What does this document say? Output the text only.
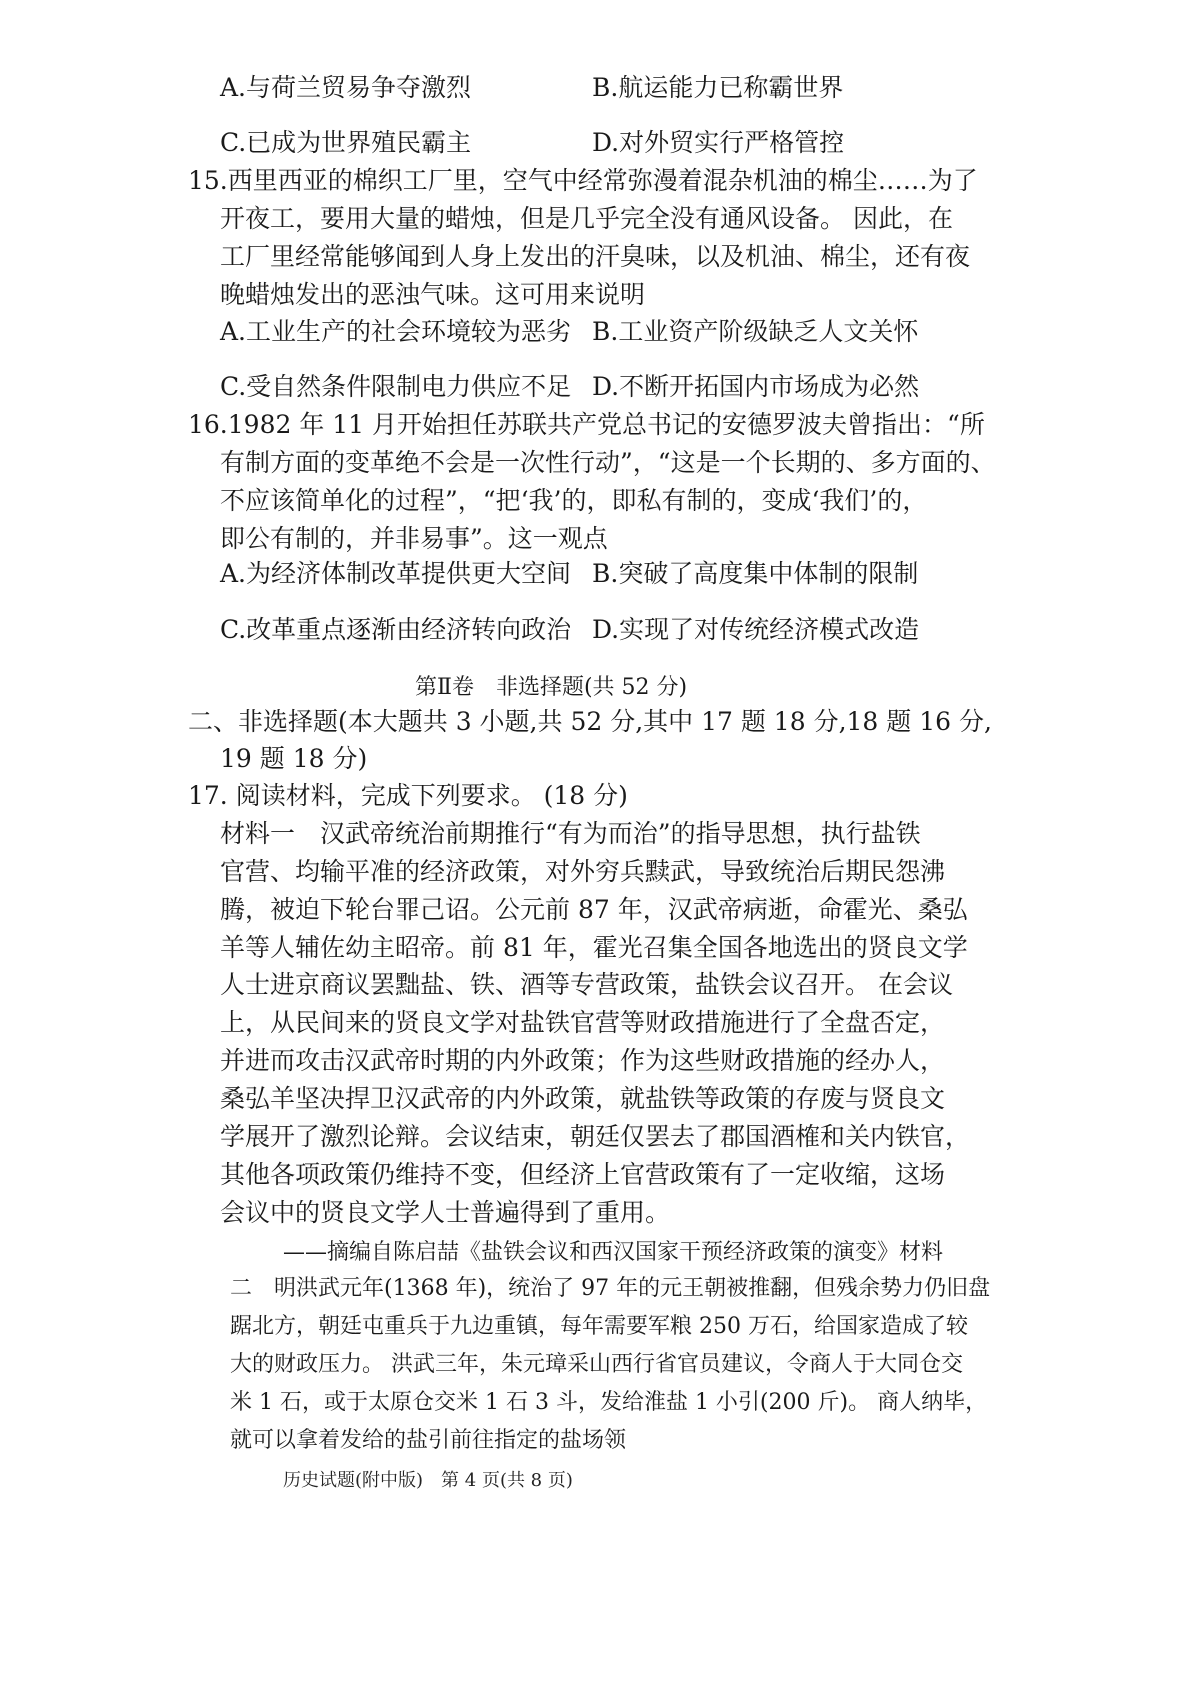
A.与荷兰贸易争夺激烈	B.航运能力已称霸世界
C.已成为世界殖民霸主	D.对外贸实行严格管控
15.西里西亚的棉织工厂里，空气中经常弥漫着混杂机油的棉尘……为了
开夜工，要用大量的蜡烛，但是几乎完全没有通风设备。 因此，在
工厂里经常能够闻到人身上发出的汗臭味，以及机油、棉尘，还有夜
晚蜡烛发出的恶浊气味。这可用来说明
A.工业生产的社会环境较为恶劣 B.工业资产阶级缺乏人文关怀
C.受自然条件限制电力供应不足 D.不断开拓国内市场成为必然
16.1982 年 11 月开始担任苏联共产党总书记的安德罗波夫曾指出：“所
有制方面的变革绝不会是一次性行动”，“这是一个长期的、多方面的、
不应该简单化的过程”，“把‘我’的，即私有制的，变成‘我们’的，
即公有制的，并非易事”。这一观点
A.为经济体制改革提供更大空间 B.突破了高度集中体制的限制
C.改革重点逐渐由经济转向政治 D.实现了对传统经济模式改造
第Ⅱ卷　非选择题(共 52 分)
二、非选择题(本大题共 3 小题,共 52 分,其中 17 题 18 分,18 题 16 分,
19 题 18 分)
17. 阅读材料，完成下列要求。 (18 分)
材料一　汉武帝统治前期推行“有为而治”的指导思想，执行盐铁
官营、均输平准的经济政策，对外穷兵黩武，导致统治后期民怨沸
腾，被迫下轮台罪己诏。公元前 87 年，汉武帝病逝，命霍光、桑弘
羊等人辅佐幼主昭帝。前 81 年，霍光召集全国各地选出的贤良文学
人士进京商议罢黜盐、铁、酒等专营政策，盐铁会议召开。 在会议
上，从民间来的贤良文学对盐铁官营等财政措施进行了全盘否定，
并进而攻击汉武帝时期的内外政策；作为这些财政措施的经办人，
桑弘羊坚决捍卫汉武帝的内外政策，就盐铁等政策的存废与贤良文
学展开了激烈论辩。会议结束，朝廷仅罢去了郡国酒榷和关内铁官，
其他各项政策仍维持不变，但经济上官营政策有了一定收缩，这场
会议中的贤良文学人士普遍得到了重用。
——摘编自陈启喆《盐铁会议和西汉国家干预经济政策的演变》材料
二　明洪武元年(1368 年)，统治了 97 年的元王朝被推翻，但残余势力仍旧盘
踞北方，朝廷屯重兵于九边重镇，每年需要军粮 250 万石，给国家造成了较
大的财政压力。 洪武三年，朱元璋采山西行省官员建议，令商人于大同仓交
米 1 石，或于太原仓交米 1 石 3 斗，发给淮盐 1 小引(200 斤)。 商人纳毕，
就可以拿着发给的盐引前往指定的盐场领
历史试题(附中版)　第 4 页(共 8 页)
